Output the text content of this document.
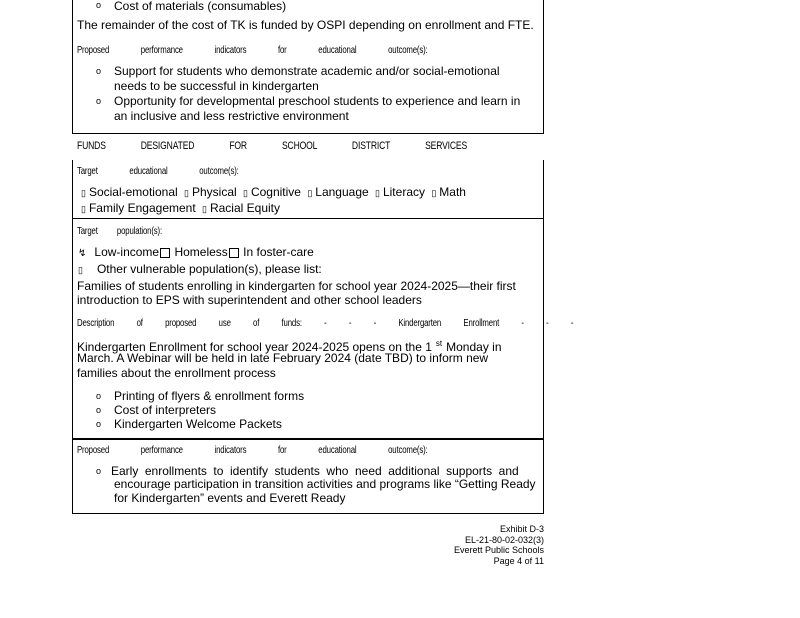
o Cost of materials (consumables)
The remainder of the cost of TK is funded by OSPI depending on enrollment and FTE.
Proposed performance indicators for educational outcome(s):
o Support for students who demonstrate academic and/or social-emotional
needs to be successful in kindergarten
o Opportunity for developmental preschool students to experience and learn in
an inclusive and less restrictive environment
FUNDS DESIGNATED FOR SCHOOL DISTRICT SERVICES
Target educational outcome(s):
▯ Social-emotional ▯ Physical ▯ Cognitive ▯ Language ▯ Literacy ▯ Math
▯ Family Engagement ▯ Racial Equity
Target population(s):
↯ Low-income Homeless In foster-care
▯ Other vulnerable population(s), please list:
Families of students enrolling in kindergarten for school year 2024-2025—their first
introduction to EPS with superintendent and other school leaders
Description of proposed use of funds: - - - Kindergarten Enrollment - - -
Kindergarten Enrollment for school year 2024-2025 opens on the 1 $^{st}$ Monday in
March. A Webinar will be held in late February 2024 (date TBD) to inform new
families about the enrollment process
o Printing of flyers & enrollment forms
o Cost of interpreters
o Kindergarten Welcome Packets
Proposed performance indicators for educational outcome(s):
o Early enrollments to identify students who need additional supports and
encourage participation in transition activities and programs like “Getting Ready
for Kindergarten” events and Everett Ready
Exhibit D-3
EL-21-80-02-032(3)
Everett Public Schools
Page 4 of 11
